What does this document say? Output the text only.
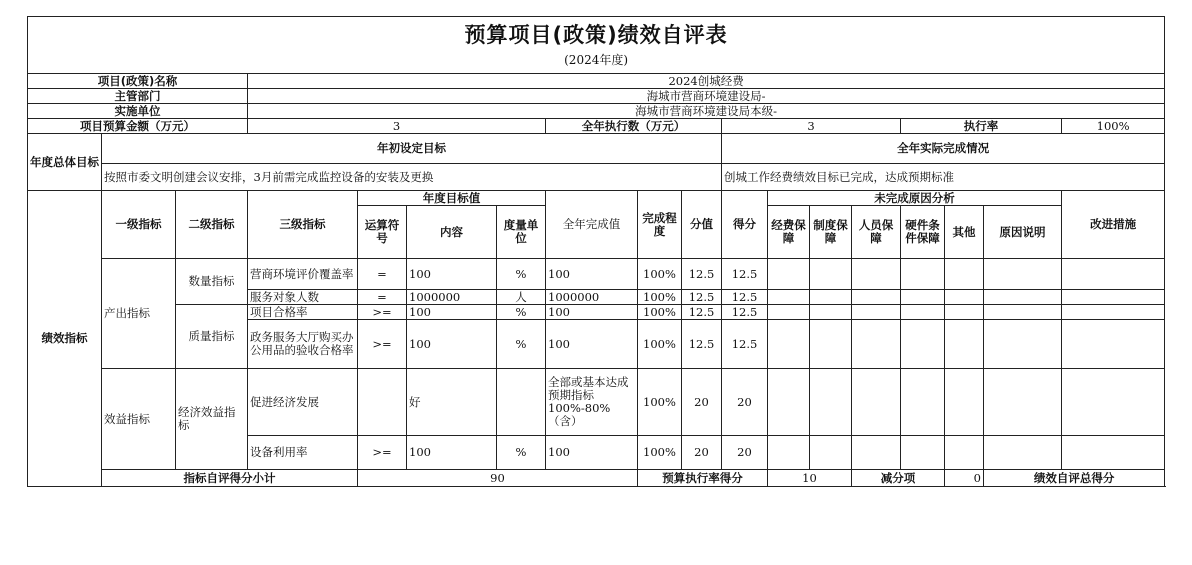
预算项目(政策)绩效自评表
(2024年度)																		

项目(政策)名称			2024创城经费															
主管部门			海城市营商环境建设局-															
实施单位			海城市营商环境建设局本级-															
项目预算金额（万元）			3				全年执行数（万元）			3				执行率			100%	
年度总体目标	年初设定目标									全年实际完成情况								
	按照市委文明创建会议安排，3月前需完成监控设备的安装及更换									创城工作经费绩效目标已完成，达成预期标准								
绩效指标	一级指标	二级指标	三级指标	年度目标值			全年完成值	完成程度	分值	得分	未完成原因分析						改进措施	
				运算符号	内容	度量单位					经费保障	制度保障	人员保障	硬件条件保障	其他	原因说明		
	产出指标	数量指标	营商环境评价覆盖率	=	100	%	100	100%	12.5	12.5								
			服务对象人数	=	1000000	人	1000000	100%	12.5	12.5								
		质量指标	项目合格率	>=	100	%	100	100%	12.5	12.5								
			政务服务大厅购买办公用品的验收合格率	>=	100	%	100	100%	12.5	12.5								
	效益指标	经济效益指标	促进经济发展		好		全部或基本达成预期指标100%-80%（含）	100%	20	20								
			设备利用率	>=	100	%	100	100%	20	20								
	指标自评得分小计			90				预算执行率得分			10		减分项		0	绩效自评总得分	
